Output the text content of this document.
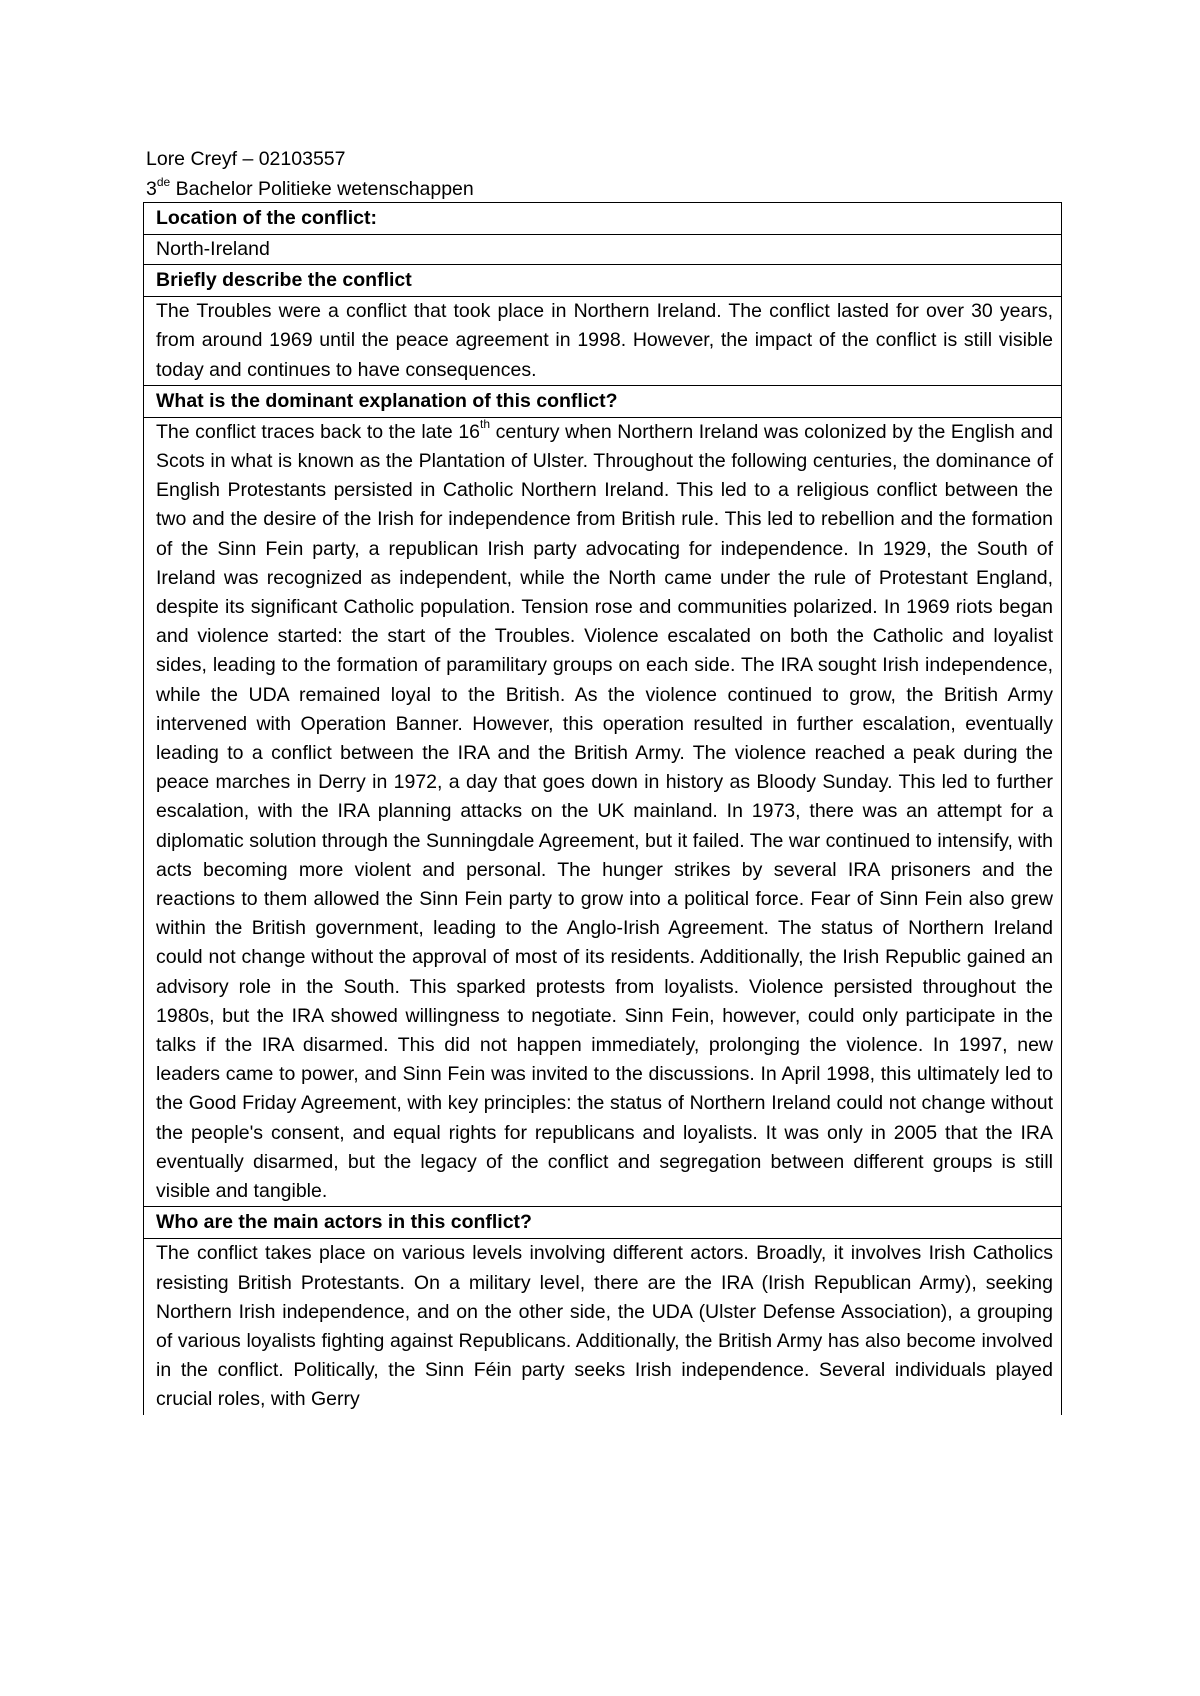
Lore Creyf – 02103557
3de Bachelor Politieke wetenschappen
Location of the conflict:
North-Ireland
Briefly describe the conflict
The Troubles were a conflict that took place in Northern Ireland. The conflict lasted for over 30 years, from around 1969 until the peace agreement in 1998. However, the impact of the conflict is still visible today and continues to have consequences.
What is the dominant explanation of this conflict?
The conflict traces back to the late 16th century when Northern Ireland was colonized by the English and Scots in what is known as the Plantation of Ulster. Throughout the following centuries, the dominance of English Protestants persisted in Catholic Northern Ireland. This led to a religious conflict between the two and the desire of the Irish for independence from British rule. This led to rebellion and the formation of the Sinn Fein party, a republican Irish party advocating for independence. In 1929, the South of Ireland was recognized as independent, while the North came under the rule of Protestant England, despite its significant Catholic population. Tension rose and communities polarized. In 1969 riots began and violence started: the start of the Troubles. Violence escalated on both the Catholic and loyalist sides, leading to the formation of paramilitary groups on each side. The IRA sought Irish independence, while the UDA remained loyal to the British. As the violence continued to grow, the British Army intervened with Operation Banner. However, this operation resulted in further escalation, eventually leading to a conflict between the IRA and the British Army. The violence reached a peak during the peace marches in Derry in 1972, a day that goes down in history as Bloody Sunday. This led to further escalation, with the IRA planning attacks on the UK mainland. In 1973, there was an attempt for a diplomatic solution through the Sunningdale Agreement, but it failed. The war continued to intensify, with acts becoming more violent and personal. The hunger strikes by several IRA prisoners and the reactions to them allowed the Sinn Fein party to grow into a political force. Fear of Sinn Fein also grew within the British government, leading to the Anglo-Irish Agreement. The status of Northern Ireland could not change without the approval of most of its residents. Additionally, the Irish Republic gained an advisory role in the South. This sparked protests from loyalists. Violence persisted throughout the 1980s, but the IRA showed willingness to negotiate. Sinn Fein, however, could only participate in the talks if the IRA disarmed. This did not happen immediately, prolonging the violence. In 1997, new leaders came to power, and Sinn Fein was invited to the discussions. In April 1998, this ultimately led to the Good Friday Agreement, with key principles: the status of Northern Ireland could not change without the people's consent, and equal rights for republicans and loyalists. It was only in 2005 that the IRA eventually disarmed, but the legacy of the conflict and segregation between different groups is still visible and tangible.
Who are the main actors in this conflict?
The conflict takes place on various levels involving different actors. Broadly, it involves Irish Catholics resisting British Protestants. On a military level, there are the IRA (Irish Republican Army), seeking Northern Irish independence, and on the other side, the UDA (Ulster Defense Association), a grouping of various loyalists fighting against Republicans. Additionally, the British Army has also become involved in the conflict. Politically, the Sinn Féin party seeks Irish independence. Several individuals played crucial roles, with Gerry
